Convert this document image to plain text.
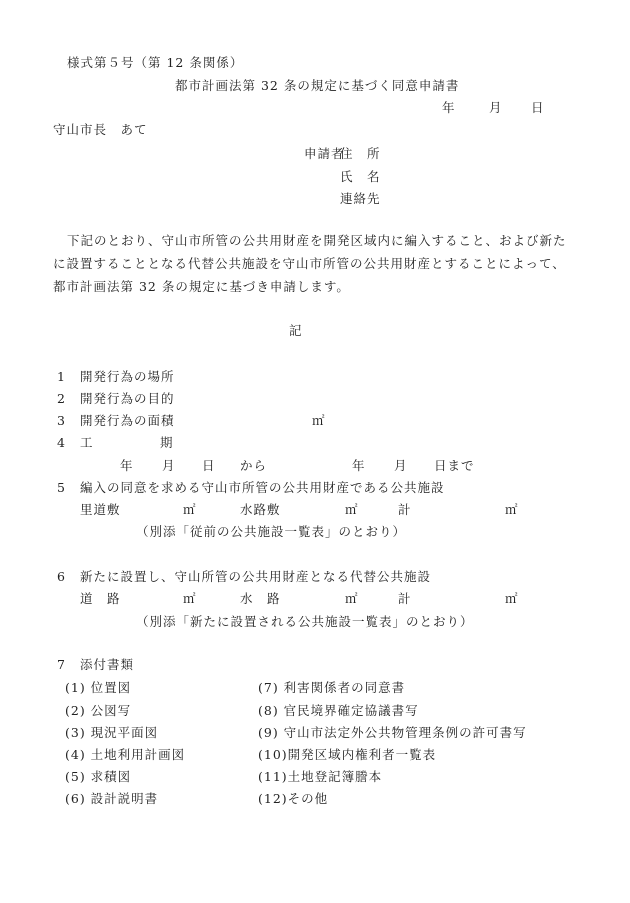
様式第５号（第 12 条関係）
都市計画法第 32 条の規定に基づく同意申請書
年	月 日
守山市長　あて
申請者
住　所
氏　名
連絡先
下記のとおり、守山市所管の公共用財産を開発区域内に編入すること、および新た
に設置することとなる代替公共施設を守山市所管の公共用財産とすることによって、
都市計画法第 32 条の規定に基づき申請します。
記
1 開発行為の場所
2 開発行為の目的
3 開発行為の面積	㎡
4 工	期
年 月 日 から	年 月 日まで
5 編入の同意を求める守山市所管の公共用財産である公共施設
里道敷	㎡	水路敷	㎡	計	㎡
（別添「従前の公共施設一覧表」のとおり）
6 新たに設置し、守山所管の公共用財産となる代替公共施設
道　路	㎡	水　路	㎡	計	㎡
（別添「新たに設置される公共施設一覧表」のとおり）
7 添付書類
(1) 位置図
(2) 公図写
(3) 現況平面図
(4) 土地利用計画図
(5) 求積図
(6) 設計説明書
(7) 利害関係者の同意書
(8) 官民境界確定協議書写
(9) 守山市法定外公共物管理条例の許可書写
(10)開発区域内権利者一覧表
(11)土地登記簿謄本
(12)その他
